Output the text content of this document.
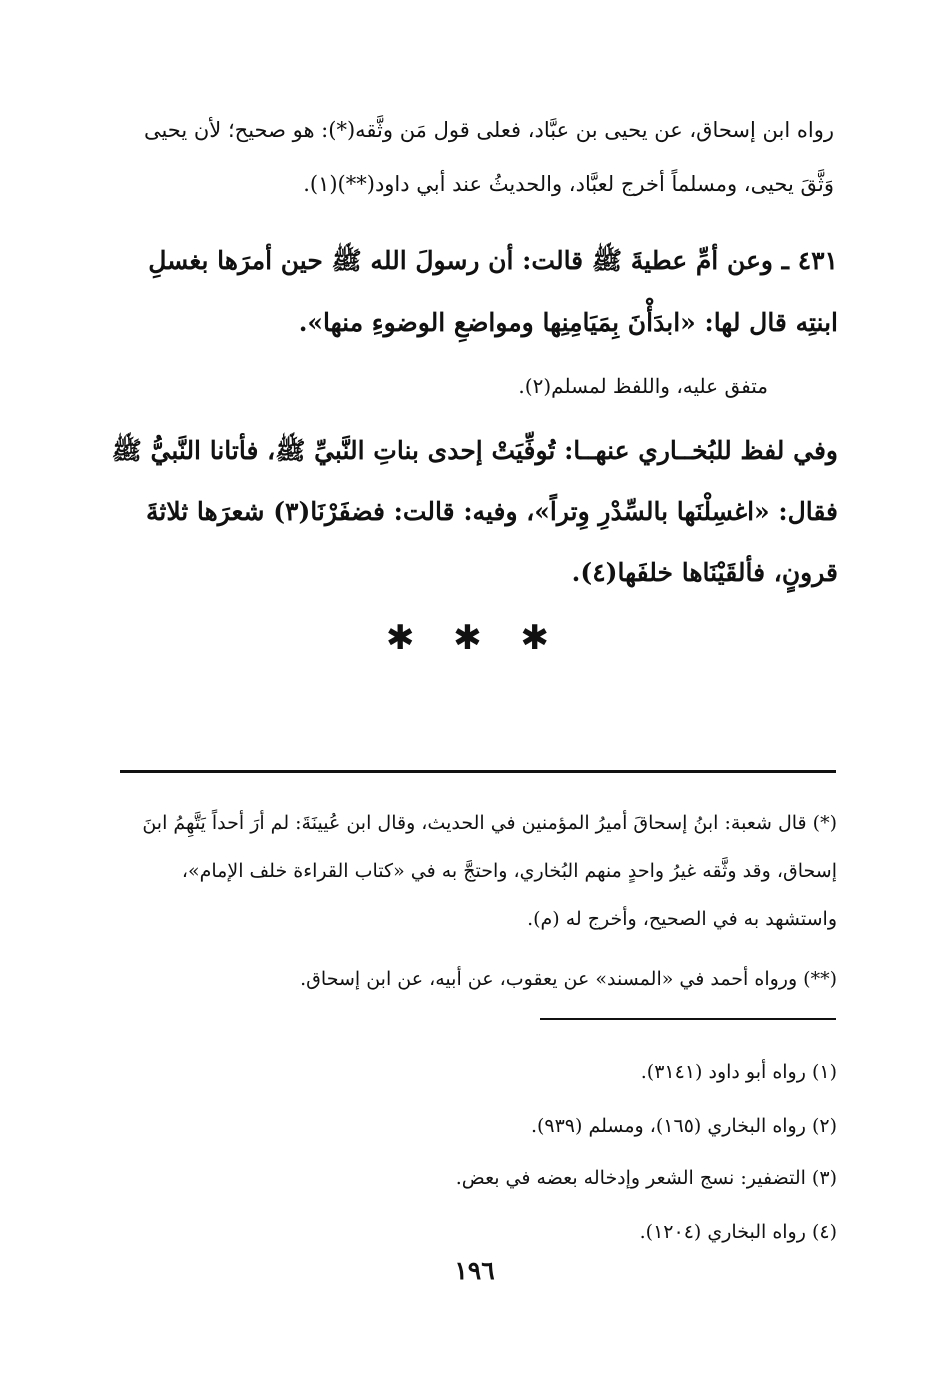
رواه ابن إسحاق، عن يحيى بن عبَّاد، فعلى قول مَن وثَّقه(*): هو صحيح؛ لأن يحيى وَثَّقَ يحيى، ومسلماً أخرج لعبَّاد، والحديثُ عند أبي داود(**)(١).

٤٣١ ـ وعن أمِّ عطيةَ ﷺ قالت: أن رسولَ الله ﷺ حين أمرَها بغسلِ ابنتِه قال لها: «ابدَأْنَ بِمَيَامِنِها ومواضعِ الوضوءِ منها».

متفق عليه، واللفظ لمسلم(٢).

وفي لفظ للبُخــاري عنهــا: تُوفِّيَتْ إحدى بناتِ النَّبيِّ ﷺ، فأتانا النَّبيُّ ﷺ فقال: «اغسِلْنَها بالسِّدْرِ وِتراً»، وفيه: قالت: فضفَرْنَا(٣) شعرَها ثلاثةَ قرونٍ، فألقَيْنَاها خلفَها(٤).

✱ ✱ ✱

(*) قال شعبة: ابنُ إسحاقَ أميرُ المؤمنين في الحديث، وقال ابن عُيينَةَ: لم أرَ أحداً يَتَّهِمُ ابنَ إسحاق، وقد وثَّقه غيرُ واحدٍ منهم البُخاري، واحتجَّ به في «كتاب القراءة خلف الإمام»، واستشهد به في الصحيح، وأخرج له (م).

(**) ورواه أحمد في «المسند» عن يعقوب، عن أبيه، عن ابن إسحاق.

(١) رواه أبو داود (٣١٤١).

(٢) رواه البخاري (١٦٥)، ومسلم (٩٣٩).

(٣) التضفير: نسج الشعر وإدخاله بعضه في بعض.

(٤) رواه البخاري (١٢٠٤).

١٩٦
